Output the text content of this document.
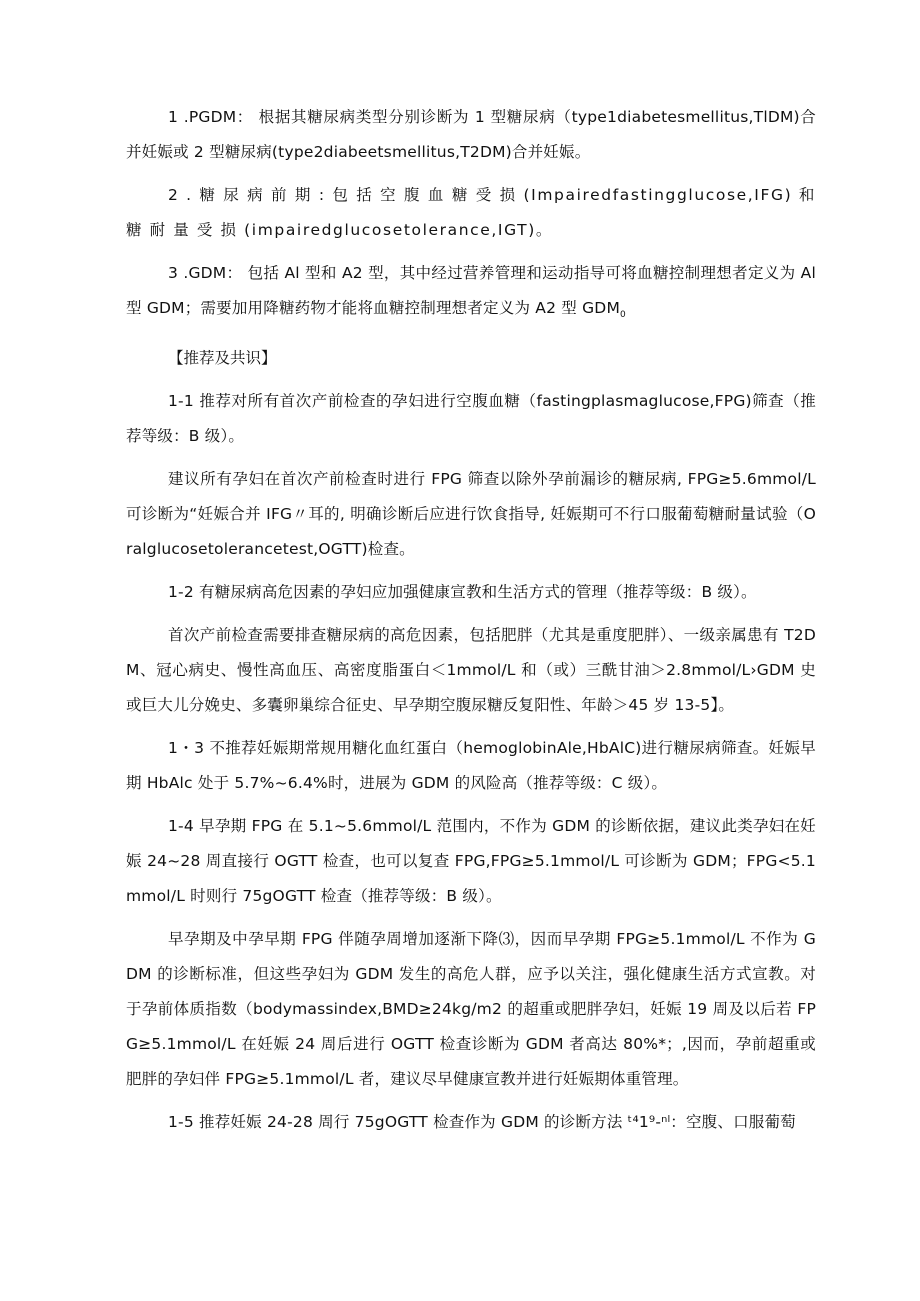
1 .PGDM： 根据其糖尿病类型分别诊断为 1 型糖尿病（type1diabetesmellitus,TlDM)合并妊娠或 2 型糖尿病(type2diabeetsmellitus,T2DM)合并妊娠。

2 . 糖 尿 病 前 期 : 包 括 空 腹 血 糖 受 损 (Impairedfastingglucose,IFG) 和 糖 耐 量 受 损 (impairedglucosetolerance,IGT)。

3 .GDM： 包括 Al 型和 A2 型，其中经过营养管理和运动指导可将血糖控制理想者定义为 Al 型 GDM；需要加用降糖药物才能将血糖控制理想者定义为 A2 型 $GDM_0$

【推荐及共识】

1-1 推荐对所有首次产前检查的孕妇进行空腹血糖（fastingplasmaglucose,FPG)筛查（推荐等级：B 级）。

建议所有孕妇在首次产前检查时进行 FPG 筛查以除外孕前漏诊的糖尿病, FPG≥5.6mmol/L 可诊断为“妊娠合并 IFG〃耳的, 明确诊断后应进行饮食指导, 妊娠期可不行口服葡萄糖耐量试验（Oralglucosetolerancetest,OGTT)检查。

1-2 有糖尿病高危因素的孕妇应加强健康宣教和生活方式的管理（推荐等级：B 级）。

首次产前检查需要排查糖尿病的高危因素，包括肥胖（尤其是重度肥胖）、一级亲属患有 T2DM、冠心病史、慢性高血压、高密度脂蛋白＜1mmol/L 和（或）三酰甘油＞2.8mmol∕L›GDM 史或巨大儿分娩史、多囊卵巢综合征史、早孕期空腹尿糖反复阳性、年龄＞45 岁 13-5】。

1・3 不推荐妊娠期常规用糖化血红蛋白（hemoglobinAle,HbAlC)进行糖尿病筛查。妊娠早期 HbAlc 处于 5.7%~6.4%时，进展为 GDM 的风险高（推荐等级：C 级）。

1-4 早孕期 FPG 在 5.1~5.6mmol∕L 范围内，不作为 GDM 的诊断依据，建议此类孕妇在妊娠 24~28 周直接行 OGTT 检查，也可以复查 FPG,FPG≥5.1mmol/L 可诊断为 GDM；FPG<5.1mmol/L 时则行 75gOGTT 检查（推荐等级：B 级）。

早孕期及中孕早期 FPG 伴随孕周增加逐渐下降⑶，因而早孕期 FPG≥5.1mmol/L 不作为 GDM 的诊断标准，但这些孕妇为 GDM 发生的高危人群，应予以关注，强化健康生活方式宣教。对于孕前体质指数（bodymassindex,BMD≥24kg∕m2 的超重或肥胖孕妇，妊娠 19 周及以后若 FPG≥5.1mmol/L 在妊娠 24 周后进行 OGTT 检查诊断为 GDM 者高达 80%*；,因而，孕前超重或肥胖的孕妇伴 FPG≥5.1mmol/L 者，建议尽早健康宣教并进行妊娠期体重管理。

1-5 推荐妊娠 24-28 周行 75gOGTT 检查作为 GDM 的诊断方法 ᵗ⁴1⁹-ⁿˡ：空腹、口服葡萄
